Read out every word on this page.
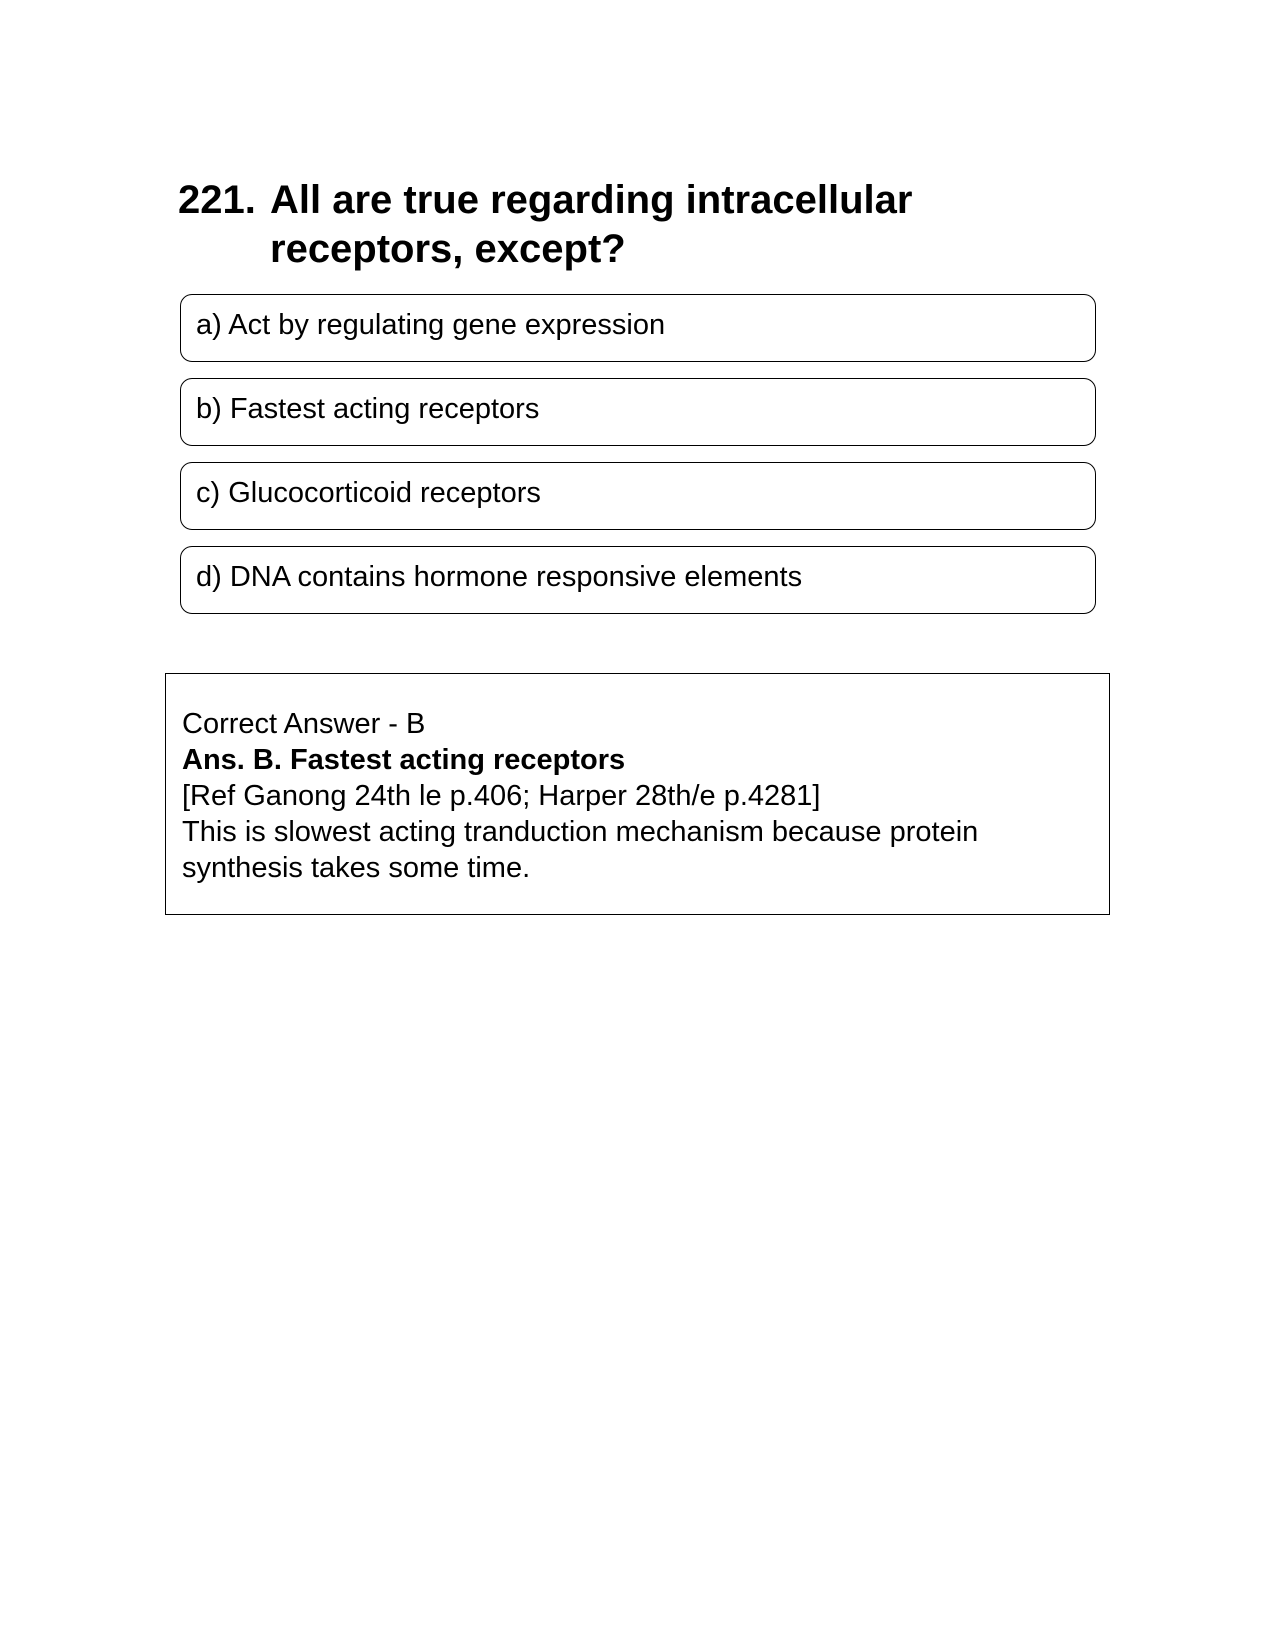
221. All are true regarding intracellular receptors, except?
a) Act by regulating gene expression
b) Fastest acting receptors
c) Glucocorticoid receptors
d) DNA contains hormone responsive elements
Correct Answer - B
Ans. B. Fastest acting receptors
[Ref Ganong 24th le p.406; Harper 28th/e p.4281]
This is slowest acting tranduction mechanism because protein synthesis takes some time.
